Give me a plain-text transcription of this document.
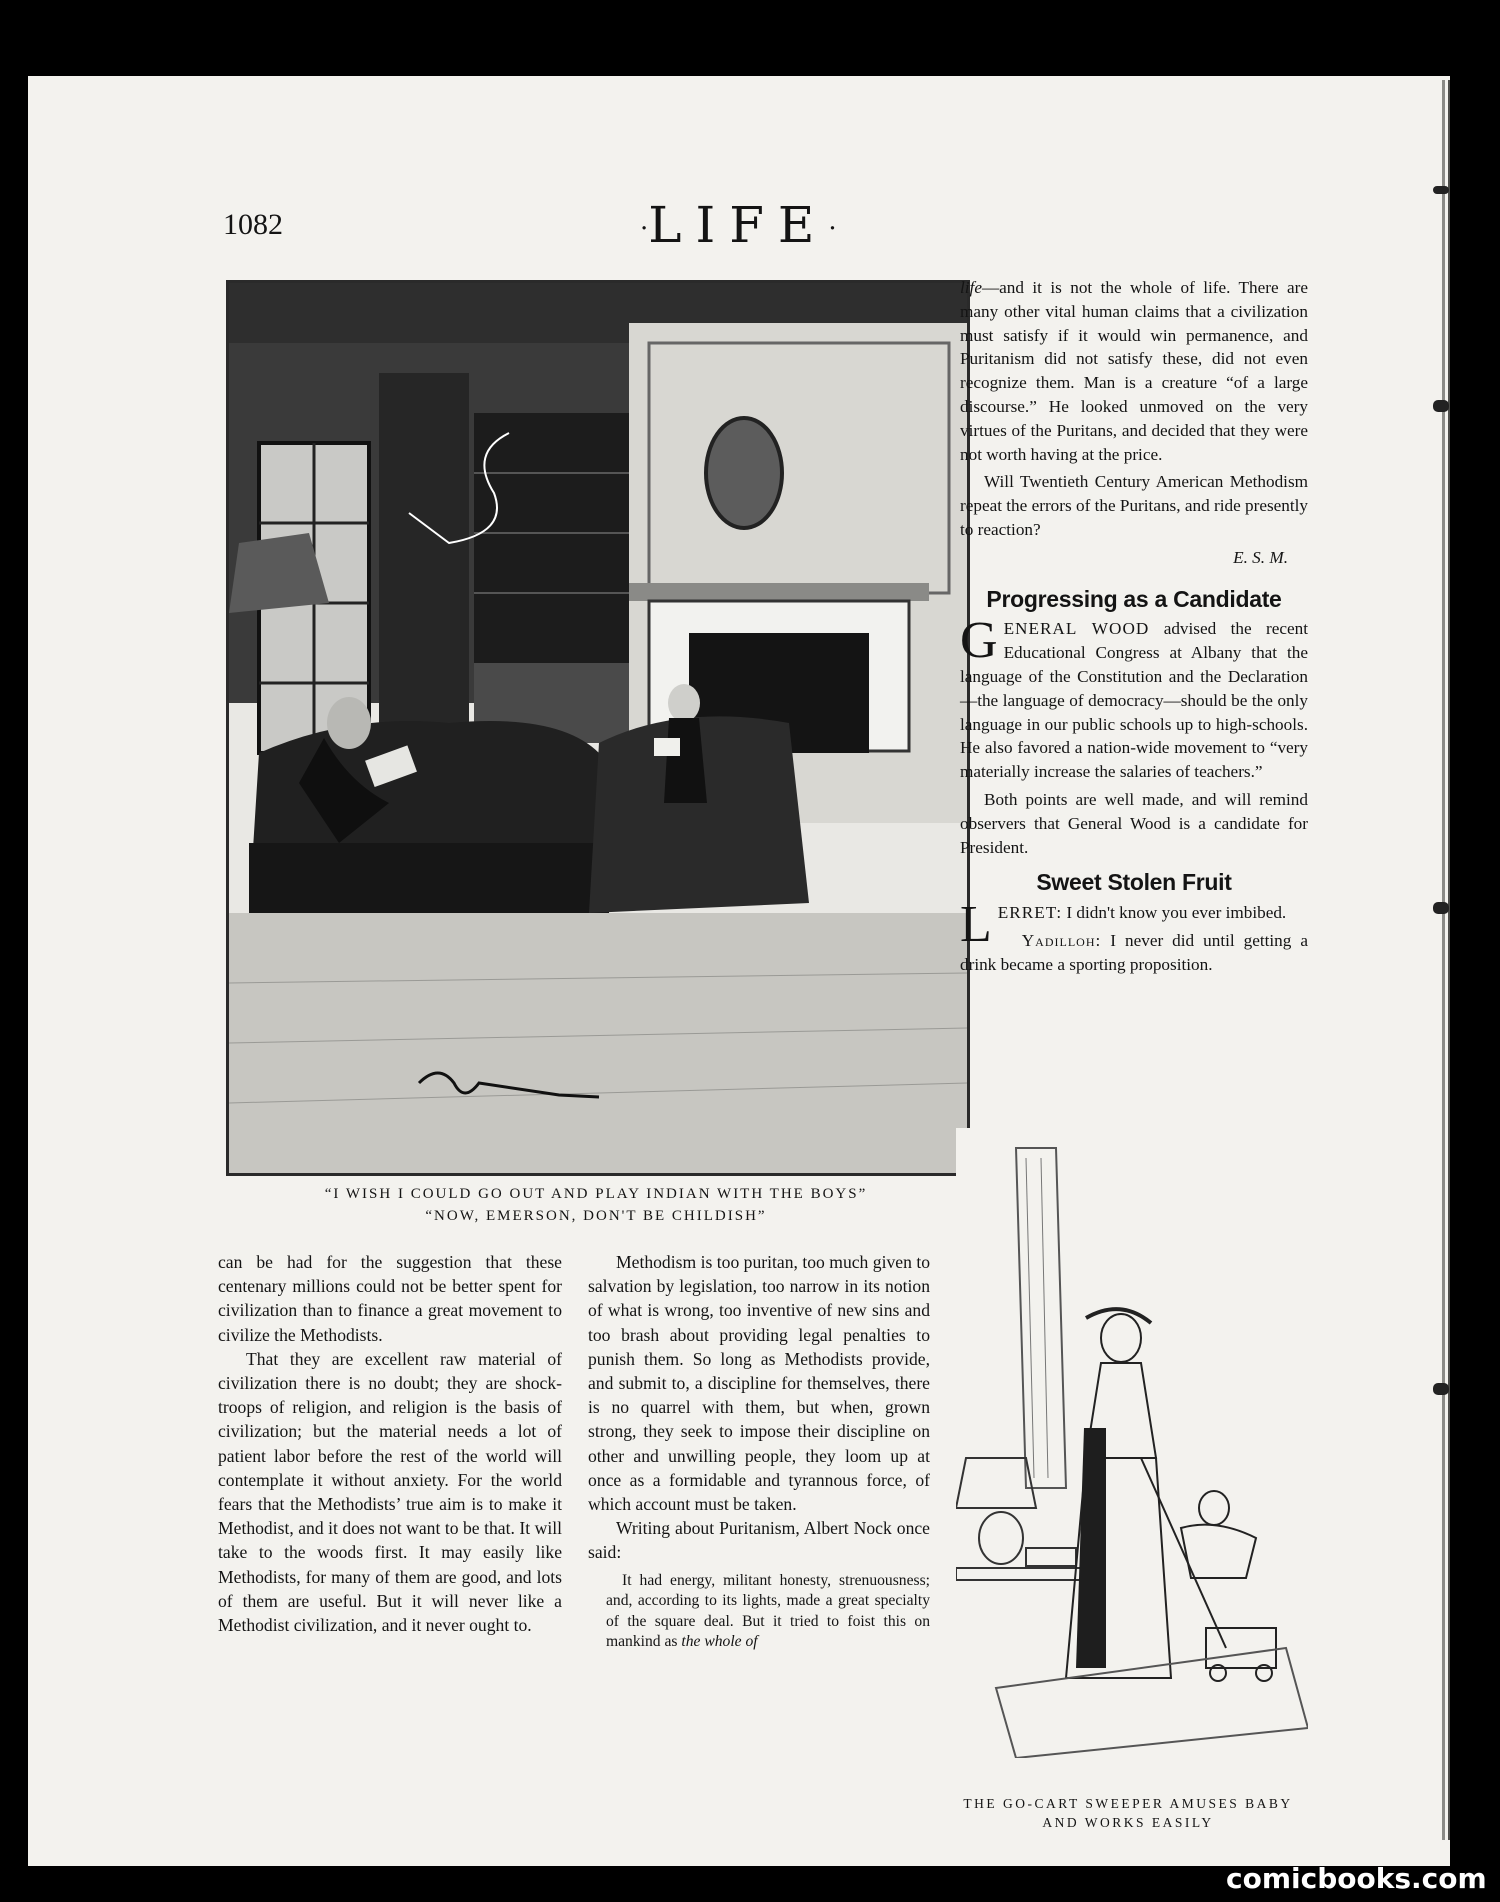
1082	·LIFE·
“I WISH I COULD GO OUT AND PLAY INDIAN WITH THE BOYS”
“NOW, EMERSON, DON'T BE CHILDISH”

can be had for the suggestion that these centenary millions could not be better spent for civilization than to finance a great movement to civilize the Methodists.

That they are excellent raw material of civilization there is no doubt; they are shock-troops of religion, and religion is the basis of civilization; but the material needs a lot of patient labor before the rest of the world will contemplate it without anxiety. For the world fears that the Methodists’ true aim is to make it Methodist, and it does not want to be that. It will take to the woods first. It may easily like Methodists, for many of them are good, and lots of them are useful. But it will never like a Methodist civilization, and it never ought to.

Methodism is too puritan, too much given to salvation by legislation, too narrow in its notion of what is wrong, too inventive of new sins and too brash about providing legal penalties to punish them. So long as Methodists provide, and submit to, a discipline for themselves, there is no quarrel with them, but when, grown strong, they seek to impose their discipline on other and unwilling people, they loom up at once as a formidable and tyrannous force, of which account must be taken.

Writing about Puritanism, Albert Nock once said:

It had energy, militant honesty, strenuousness; and, according to its lights, made a great specialty of the square deal. But it tried to foist this on mankind as the whole of

life—and it is not the whole of life. There are many other vital human claims that a civilization must satisfy if it would win permanence, and Puritanism did not satisfy these, did not even recognize them. Man is a creature “of a large discourse.” He looked unmoved on the very virtues of the Puritans, and decided that they were not worth having at the price.

Will Twentieth Century American Methodism repeat the errors of the Puritans, and ride presently to reaction?

E. S. M.

Progressing as a Candidate

GENERAL WOOD advised the recent Educational Congress at Albany that the language of the Constitution and the Declaration—the language of democracy—should be the only language in our public schools up to high-schools. He also favored a nation-wide movement to “very materially increase the salaries of teachers.”

Both points are well made, and will remind observers that General Wood is a candidate for President.

Sweet Stolen Fruit

LERRET: I didn't know you ever imbibed.

Yadilloh: I never did until getting a drink became a sporting proposition.

THE GO-CART SWEEPER AMUSES BABY
AND WORKS EASILY
comicbooks.com
